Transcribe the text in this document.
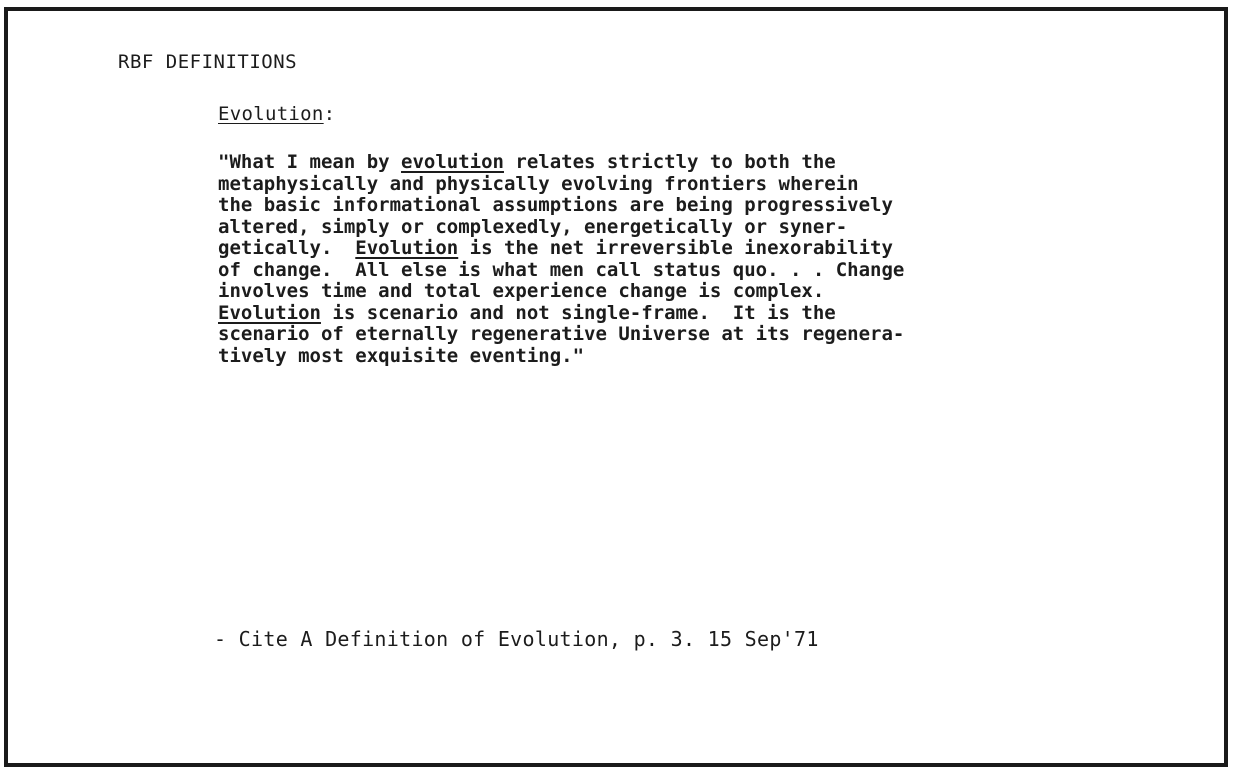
RBF DEFINITIONS
Evolution:
"What I mean by evolution relates strictly to both the
metaphysically and physically evolving frontiers wherein
the basic informational assumptions are being progressively
altered, simply or complexedly, energetically or syner-
getically.  Evolution is the net irreversible inexorability
of change.  All else is what men call status quo. . . Change
involves time and total experience change is complex.
Evolution is scenario and not single-frame.  It is the
scenario of eternally regenerative Universe at its regenera-
tively most exquisite eventing."
- Cite A Definition of Evolution, p. 3. 15 Sep'71
